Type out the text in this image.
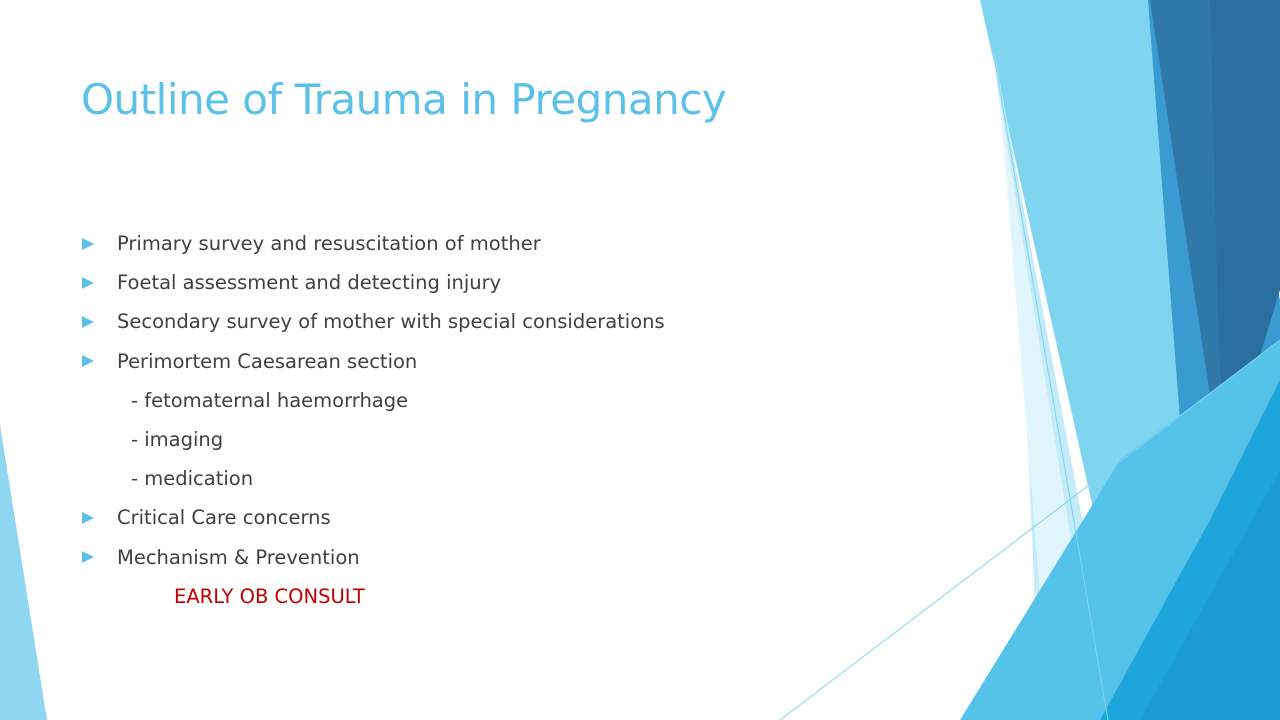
Outline of Trauma in Pregnancy
Primary survey and resuscitation of mother
Foetal assessment and detecting injury
Secondary survey of mother with special considerations
Perimortem Caesarean section
- fetomaternal haemorrhage
- imaging
- medication
Critical Care concerns
Mechanism & Prevention
EARLY OB CONSULT
